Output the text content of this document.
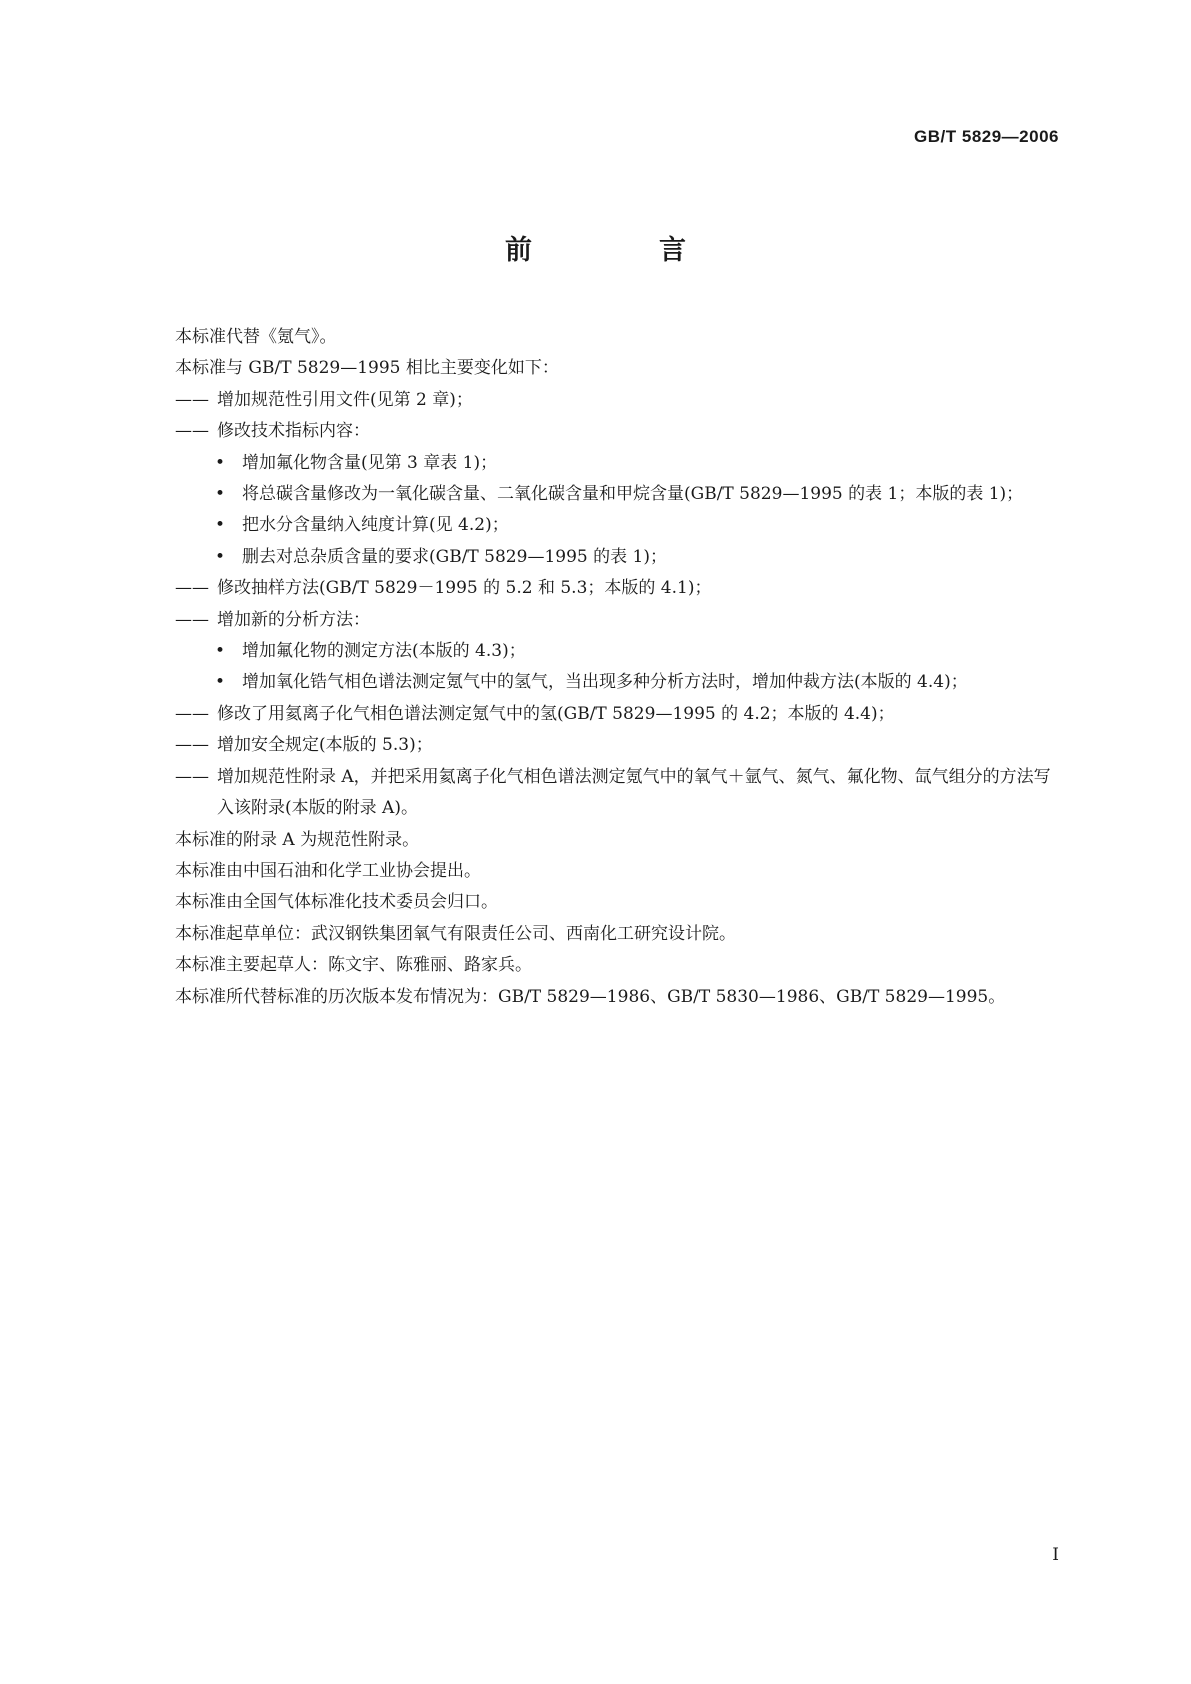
GB/T 5829—2006
前　言
本标准代替《氪气》。
本标准与 GB/T 5829—1995 相比主要变化如下：
—— 增加规范性引用文件(见第 2 章)；
—— 修改技术指标内容：
• 增加氟化物含量(见第 3 章表 1)；
• 将总碳含量修改为一氧化碳含量、二氧化碳含量和甲烷含量(GB/T 5829—1995 的表 1；本版的表 1)；
• 把水分含量纳入纯度计算(见 4.2)；
• 删去对总杂质含量的要求(GB/T 5829—1995 的表 1)；
—— 修改抽样方法(GB/T 5829－1995 的 5.2 和 5.3；本版的 4.1)；
—— 增加新的分析方法：
• 增加氟化物的测定方法(本版的 4.3)；
• 增加氧化锆气相色谱法测定氪气中的氢气，当出现多种分析方法时，增加仲裁方法(本版的 4.4)；
—— 修改了用氦离子化气相色谱法测定氪气中的氢(GB/T 5829—1995 的 4.2；本版的 4.4)；
—— 增加安全规定(本版的 5.3)；
—— 增加规范性附录 A，并把采用氦离子化气相色谱法测定氪气中的氧气＋氩气、氮气、氟化物、氙气组分的方法写入该附录(本版的附录 A)。
本标准的附录 A 为规范性附录。
本标准由中国石油和化学工业协会提出。
本标准由全国气体标准化技术委员会归口。
本标准起草单位：武汉钢铁集团氧气有限责任公司、西南化工研究设计院。
本标准主要起草人：陈文宇、陈雅丽、路家兵。
本标准所代替标准的历次版本发布情况为：GB/T 5829—1986、GB/T 5830—1986、GB/T 5829—1995。
I
